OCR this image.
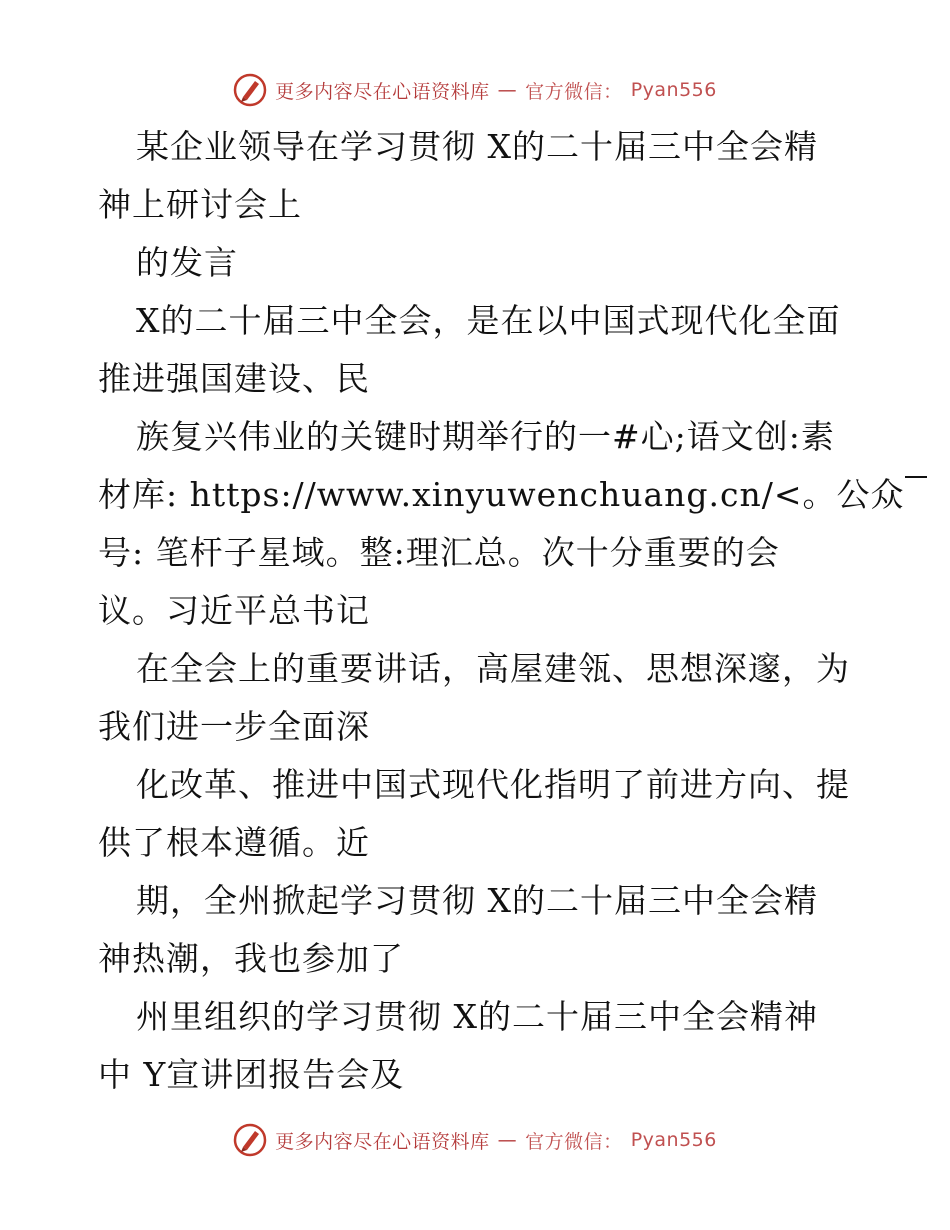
更多内容尽在心语资料库 — 官方微信： Pyan556
某企业领导在学习贯彻 X的二十届三中全会精
神上研讨会上
的发言
X的二十届三中全会，是在以中国式现代化全面
推进强国建设、民
族复兴伟业的关键时期举行的一#心;语文创:素
材库: https://www.xinyuwenchuang.cn/<。公众
号: 笔杆子星域。整:理汇总。次十分重要的会
议。习近平总书记
在全会上的重要讲话，高屋建瓴、思想深邃，为
我们进一步全面深
化改革、推进中国式现代化指明了前进方向、提
供了根本遵循。近
期，全州掀起学习贯彻 X的二十届三中全会精
神热潮，我也参加了
州里组织的学习贯彻 X的二十届三中全会精神
中 Y宣讲团报告会及
更多内容尽在心语资料库 — 官方微信： Pyan556
